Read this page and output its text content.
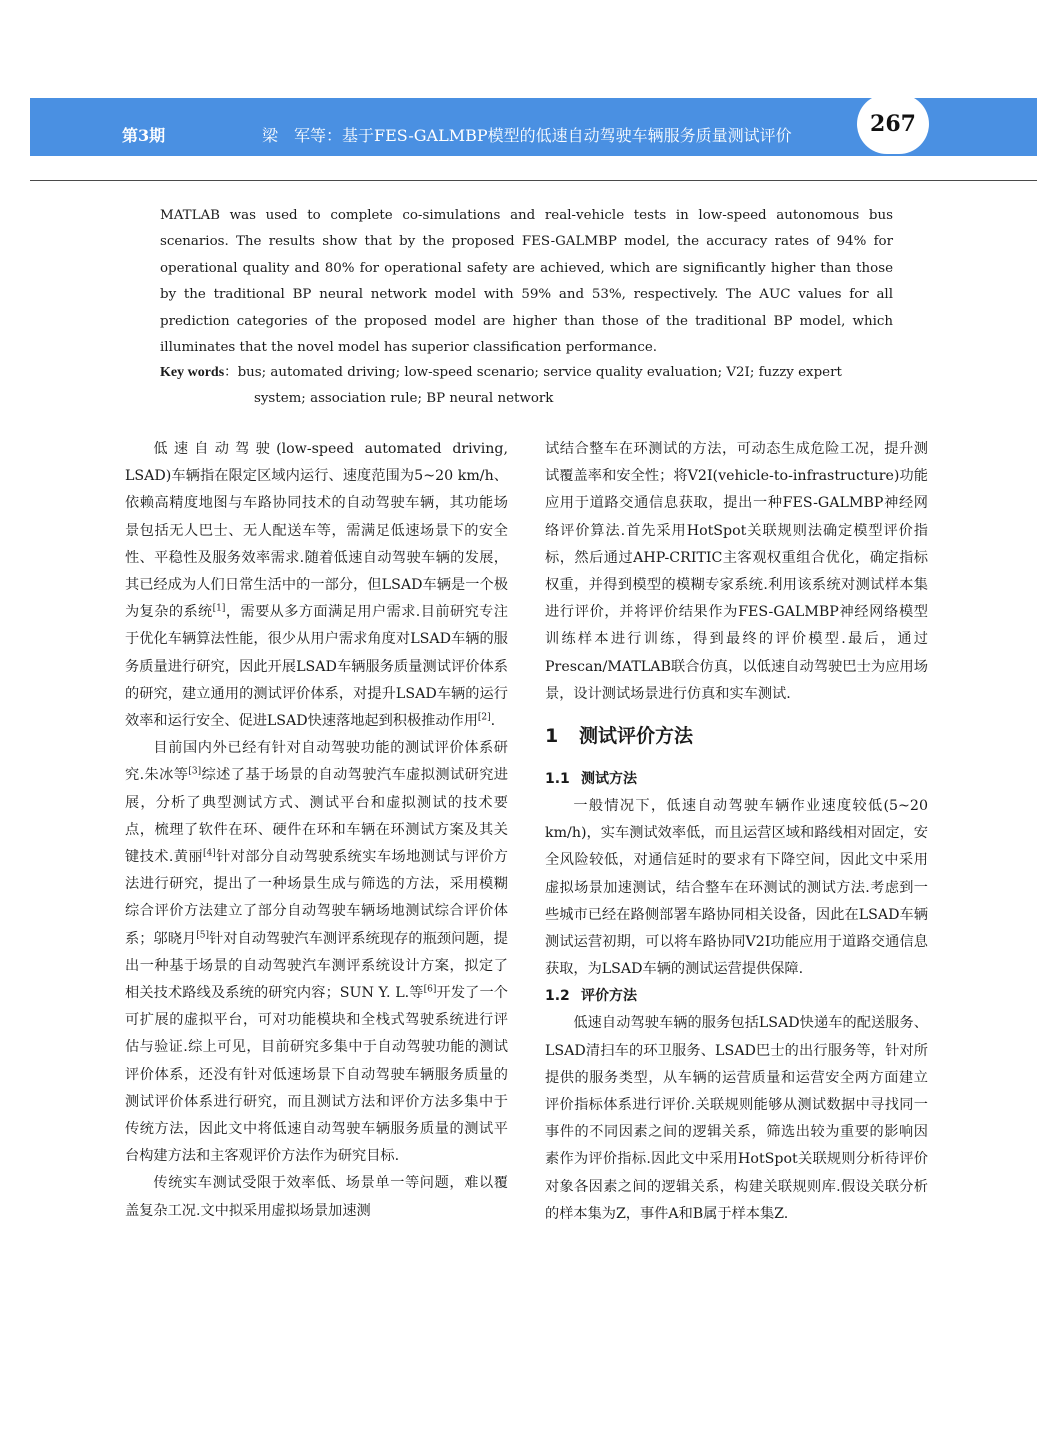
第3期	梁　军等：基于FES-GALMBP模型的低速自动驾驶车辆服务质量测试评价	267

MATLAB was used to complete co-simulations and real-vehicle tests in low-speed autonomous bus scenarios. The results show that by the proposed FES-GALMBP model, the accuracy rates of 94% for operational quality and 80% for operational safety are achieved, which are significantly higher than those by the traditional BP neural network model with 59% and 53%, respectively. The AUC values for all prediction categories of the proposed model are higher than those of the traditional BP model, which illuminates that the novel model has superior classification performance.

Key words：bus; automated driving; low-speed scenario; service quality evaluation; V2I; fuzzy expert
system; association rule; BP neural network

低速自动驾驶(low-speed automated driving, LSAD)车辆指在限定区域内运行、速度范围为5~20 km/h、依赖高精度地图与车路协同技术的自动驾驶车辆，其功能场景包括无人巴士、无人配送车等，需满足低速场景下的安全性、平稳性及服务效率需求.随着低速自动驾驶车辆的发展，其已经成为人们日常生活中的一部分，但LSAD车辆是一个极为复杂的系统[1]，需要从多方面满足用户需求.目前研究专注于优化车辆算法性能，很少从用户需求角度对LSAD车辆的服务质量进行研究，因此开展LSAD车辆服务质量测试评价体系的研究，建立通用的测试评价体系，对提升LSAD车辆的运行效率和运行安全、促进LSAD快速落地起到积极推动作用[2].

目前国内外已经有针对自动驾驶功能的测试评价体系研究.朱冰等[3]综述了基于场景的自动驾驶汽车虚拟测试研究进展，分析了典型测试方式、测试平台和虚拟测试的技术要点，梳理了软件在环、硬件在环和车辆在环测试方案及其关键技术.黄丽[4]针对部分自动驾驶系统实车场地测试与评价方法进行研究，提出了一种场景生成与筛选的方法，采用模糊综合评价方法建立了部分自动驾驶车辆场地测试综合评价体系；邬晓月[5]针对自动驾驶汽车测评系统现存的瓶颈问题，提出一种基于场景的自动驾驶汽车测评系统设计方案，拟定了相关技术路线及系统的研究内容；SUN Y. L.等[6]开发了一个可扩展的虚拟平台，可对功能模块和全栈式驾驶系统进行评估与验证.综上可见，目前研究多集中于自动驾驶功能的测试评价体系，还没有针对低速场景下自动驾驶车辆服务质量的测试评价体系进行研究，而且测试方法和评价方法多集中于传统方法，因此文中将低速自动驾驶车辆服务质量的测试平台构建方法和主客观评价方法作为研究目标.

传统实车测试受限于效率低、场景单一等问题，难以覆盖复杂工况.文中拟采用虚拟场景加速测

试结合整车在环测试的方法，可动态生成危险工况，提升测试覆盖率和安全性；将V2I(vehicle-to-infrastructure)功能应用于道路交通信息获取，提出一种FES-GALMBP神经网络评价算法.首先采用HotSpot关联规则法确定模型评价指标，然后通过AHP-CRITIC主客观权重组合优化，确定指标权重，并得到模型的模糊专家系统.利用该系统对测试样本集进行评价，并将评价结果作为FES-GALMBP神经网络模型训练样本进行训练，得到最终的评价模型.最后，通过Prescan/MATLAB联合仿真，以低速自动驾驶巴士为应用场景，设计测试场景进行仿真和实车测试.

1 测试评价方法

1.1 测试方法

一般情况下，低速自动驾驶车辆作业速度较低(5~20 km/h)，实车测试效率低，而且运营区域和路线相对固定，安全风险较低，对通信延时的要求有下降空间，因此文中采用虚拟场景加速测试，结合整车在环测试的测试方法.考虑到一些城市已经在路侧部署车路协同相关设备，因此在LSAD车辆测试运营初期，可以将车路协同V2I功能应用于道路交通信息获取，为LSAD车辆的测试运营提供保障.

1.2 评价方法

低速自动驾驶车辆的服务包括LSAD快递车的配送服务、LSAD清扫车的环卫服务、LSAD巴士的出行服务等，针对所提供的服务类型，从车辆的运营质量和运营安全两方面建立评价指标体系进行评价.关联规则能够从测试数据中寻找同一事件的不同因素之间的逻辑关系，筛选出较为重要的影响因素作为评价指标.因此文中采用HotSpot关联规则分析待评价对象各因素之间的逻辑关系，构建关联规则库.假设关联分析的样本集为Z，事件A和B属于样本集Z.
